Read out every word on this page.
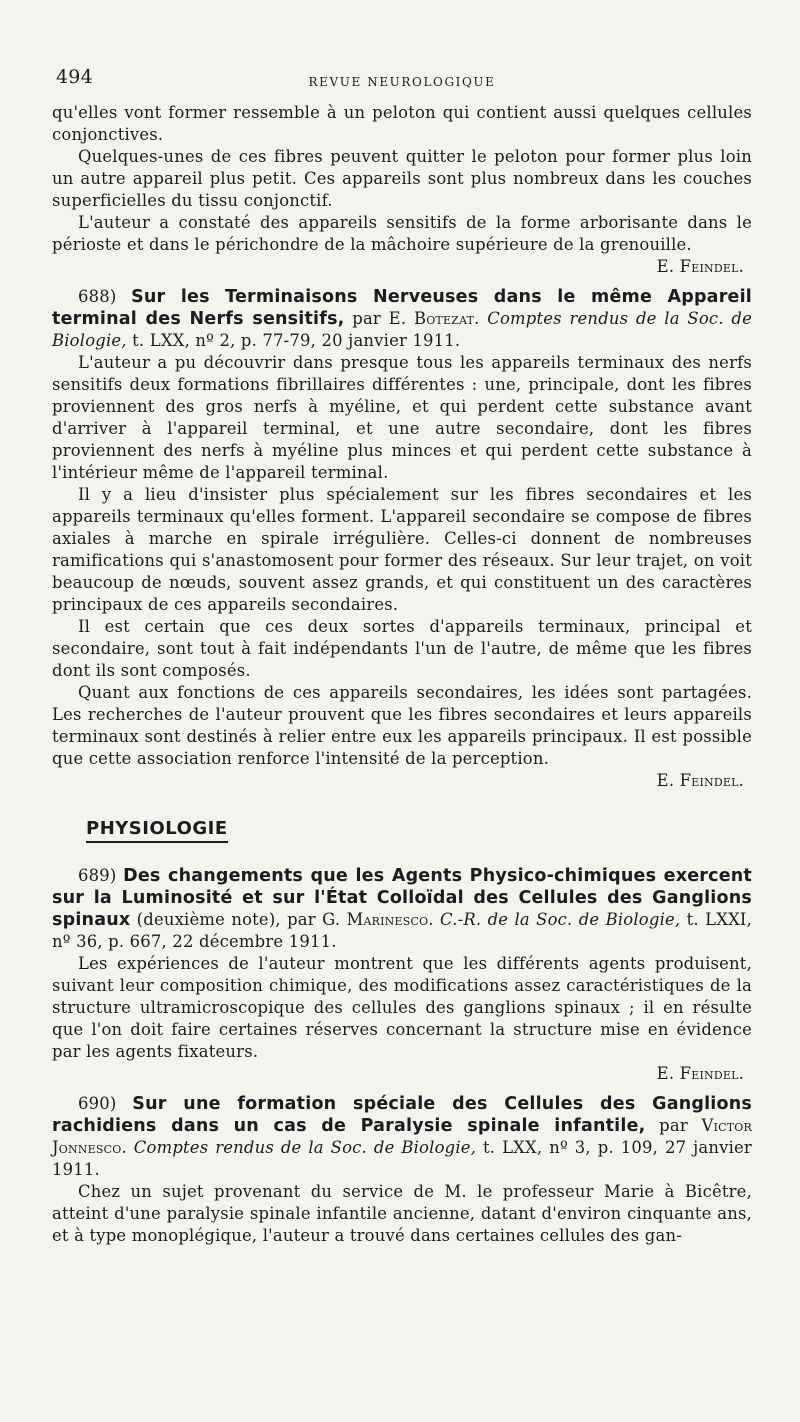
494	REVUE NEUROLOGIQUE

qu'elles vont former ressemble à un peloton qui contient aussi quelques cellules conjonctives.

Quelques-unes de ces fibres peuvent quitter le peloton pour former plus loin un autre appareil plus petit. Ces appareils sont plus nombreux dans les couches superficielles du tissu conjonctif.

L'auteur a constaté des appareils sensitifs de la forme arborisante dans le périoste et dans le périchondre de la mâchoire supérieure de la grenouille.

E. Feindel.

688) Sur les Terminaisons Nerveuses dans le même Appareil terminal des Nerfs sensitifs, par E. Botezat. Comptes rendus de la Soc. de Biologie, t. LXX, nº 2, p. 77-79, 20 janvier 1911.

L'auteur a pu découvrir dans presque tous les appareils terminaux des nerfs sensitifs deux formations fibrillaires différentes : une, principale, dont les fibres proviennent des gros nerfs à myéline, et qui perdent cette substance avant d'arriver à l'appareil terminal, et une autre secondaire, dont les fibres proviennent des nerfs à myéline plus minces et qui perdent cette substance à l'intérieur même de l'appareil terminal.

Il y a lieu d'insister plus spécialement sur les fibres secondaires et les appareils terminaux qu'elles forment. L'appareil secondaire se compose de fibres axiales à marche en spirale irrégulière. Celles-ci donnent de nombreuses ramifications qui s'anastomosent pour former des réseaux. Sur leur trajet, on voit beaucoup de nœuds, souvent assez grands, et qui constituent un des caractères principaux de ces appareils secondaires.

Il est certain que ces deux sortes d'appareils terminaux, principal et secondaire, sont tout à fait indépendants l'un de l'autre, de même que les fibres dont ils sont composés.

Quant aux fonctions de ces appareils secondaires, les idées sont partagées. Les recherches de l'auteur prouvent que les fibres secondaires et leurs appareils terminaux sont destinés à relier entre eux les appareils principaux. Il est possible que cette association renforce l'intensité de la perception.

E. Feindel.
PHYSIOLOGIE

689) Des changements que les Agents Physico-chimiques exercent sur la Luminosité et sur l'État Colloïdal des Cellules des Ganglions spinaux (deuxième note), par G. Marinesco. C.-R. de la Soc. de Biologie, t. LXXI, nº 36, p. 667, 22 décembre 1911.

Les expériences de l'auteur montrent que les différents agents produisent, suivant leur composition chimique, des modifications assez caractéristiques de la structure ultramicroscopique des cellules des ganglions spinaux ; il en résulte que l'on doit faire certaines réserves concernant la structure mise en évidence par les agents fixateurs.

E. Feindel.

690) Sur une formation spéciale des Cellules des Ganglions rachidiens dans un cas de Paralysie spinale infantile, par Victor Jonnesco. Comptes rendus de la Soc. de Biologie, t. LXX, nº 3, p. 109, 27 janvier 1911.

Chez un sujet provenant du service de M. le professeur Marie à Bicêtre, atteint d'une paralysie spinale infantile ancienne, datant d'environ cinquante ans, et à type monoplégique, l'auteur a trouvé dans certaines cellules des gan-
